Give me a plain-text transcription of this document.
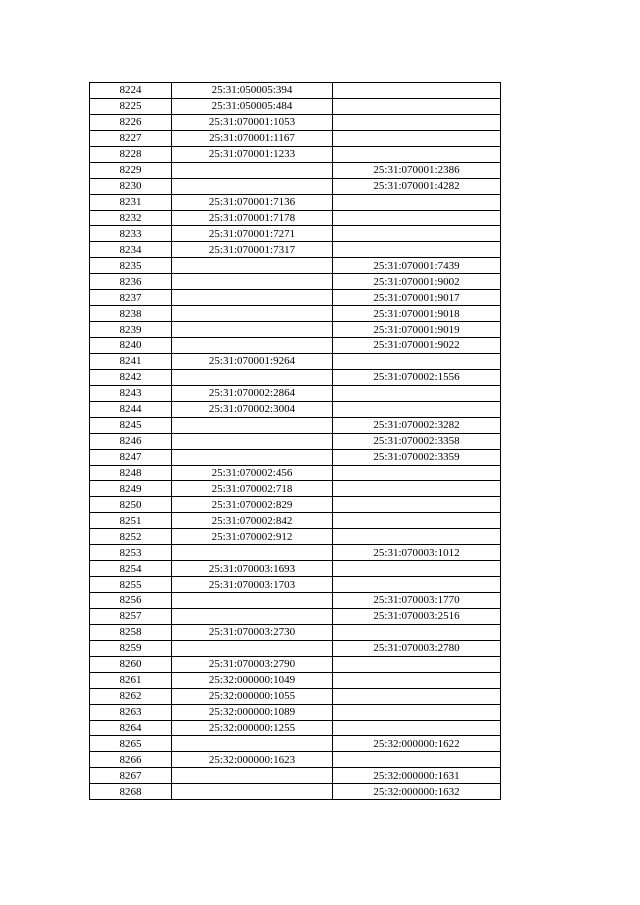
8224	25:31:050005:394	
8225	25:31:050005:484	
8226	25:31:070001:1053	
8227	25:31:070001:1167	
8228	25:31:070001:1233	
8229		25:31:070001:2386
8230		25:31:070001:4282
8231	25:31:070001:7136	
8232	25:31:070001:7178	
8233	25:31:070001:7271	
8234	25:31:070001:7317	
8235		25:31:070001:7439
8236		25:31:070001:9002
8237		25:31:070001:9017
8238		25:31:070001:9018
8239		25:31:070001:9019
8240		25:31:070001:9022
8241	25:31:070001:9264	
8242		25:31:070002:1556
8243	25:31:070002:2864	
8244	25:31:070002:3004	
8245		25:31:070002:3282
8246		25:31:070002:3358
8247		25:31:070002:3359
8248	25:31:070002:456	
8249	25:31:070002:718	
8250	25:31:070002:829	
8251	25:31:070002:842	
8252	25:31:070002:912	
8253		25:31:070003:1012
8254	25:31:070003:1693	
8255	25:31:070003:1703	
8256		25:31:070003:1770
8257		25:31:070003:2516
8258	25:31:070003:2730	
8259		25:31:070003:2780
8260	25:31:070003:2790	
8261	25:32:000000:1049	
8262	25:32:000000:1055	
8263	25:32:000000:1089	
8264	25:32:000000:1255	
8265		25:32:000000:1622
8266	25:32:000000:1623	
8267		25:32:000000:1631
8268		25:32:000000:1632
